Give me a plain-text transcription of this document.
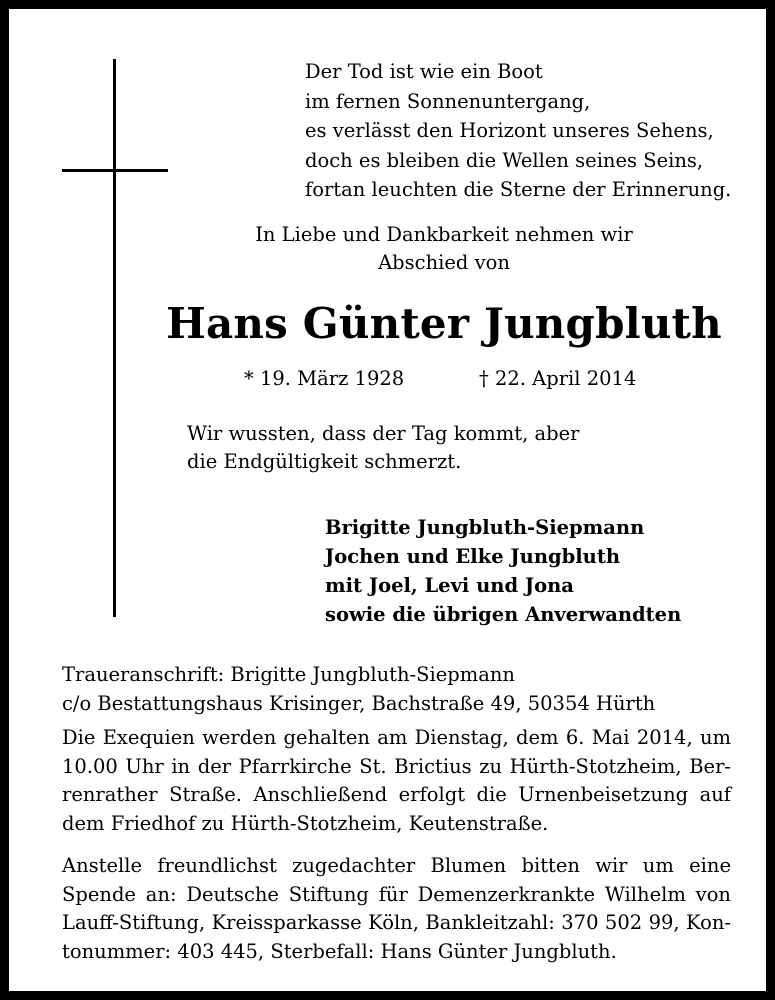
Der Tod ist wie ein Boot
im fernen Sonnenuntergang,
es verlässt den Horizont unseres Sehens,
doch es bleiben die Wellen seines Seins,
fortan leuchten die Sterne der Erinnerung.
In Liebe und Dankbarkeit nehmen wir
Abschied von
Hans Günter Jungbluth
* 19. März 1928	† 22. April 2014
Wir wussten, dass der Tag kommt, aber
die Endgültigkeit schmerzt.
Brigitte Jungbluth-Siepmann
Jochen und Elke Jungbluth
mit Joel, Levi und Jona
sowie die übrigen Anverwandten
Traueranschrift: Brigitte Jungbluth-Siepmann
c/o Bestattungshaus Krisinger, Bachstraße 49, 50354 Hürth
Die Exequien werden gehalten am Dienstag, dem 6. Mai 2014, um 10.00 Uhr in der Pfarrkirche St. Brictius zu Hürth-Stotzheim, Berrenrather Straße. Anschließend erfolgt die Urnenbeisetzung auf dem Friedhof zu Hürth-Stotzheim, Keutenstraße.
Anstelle freundlichst zugedachter Blumen bitten wir um eine Spende an: Deutsche Stiftung für Demenzerkrankte Wilhelm von Lauff-Stiftung, Kreissparkasse Köln, Bankleitzahl: 370 502 99, Kontonummer: 403 445, Sterbefall: Hans Günter Jungbluth.
